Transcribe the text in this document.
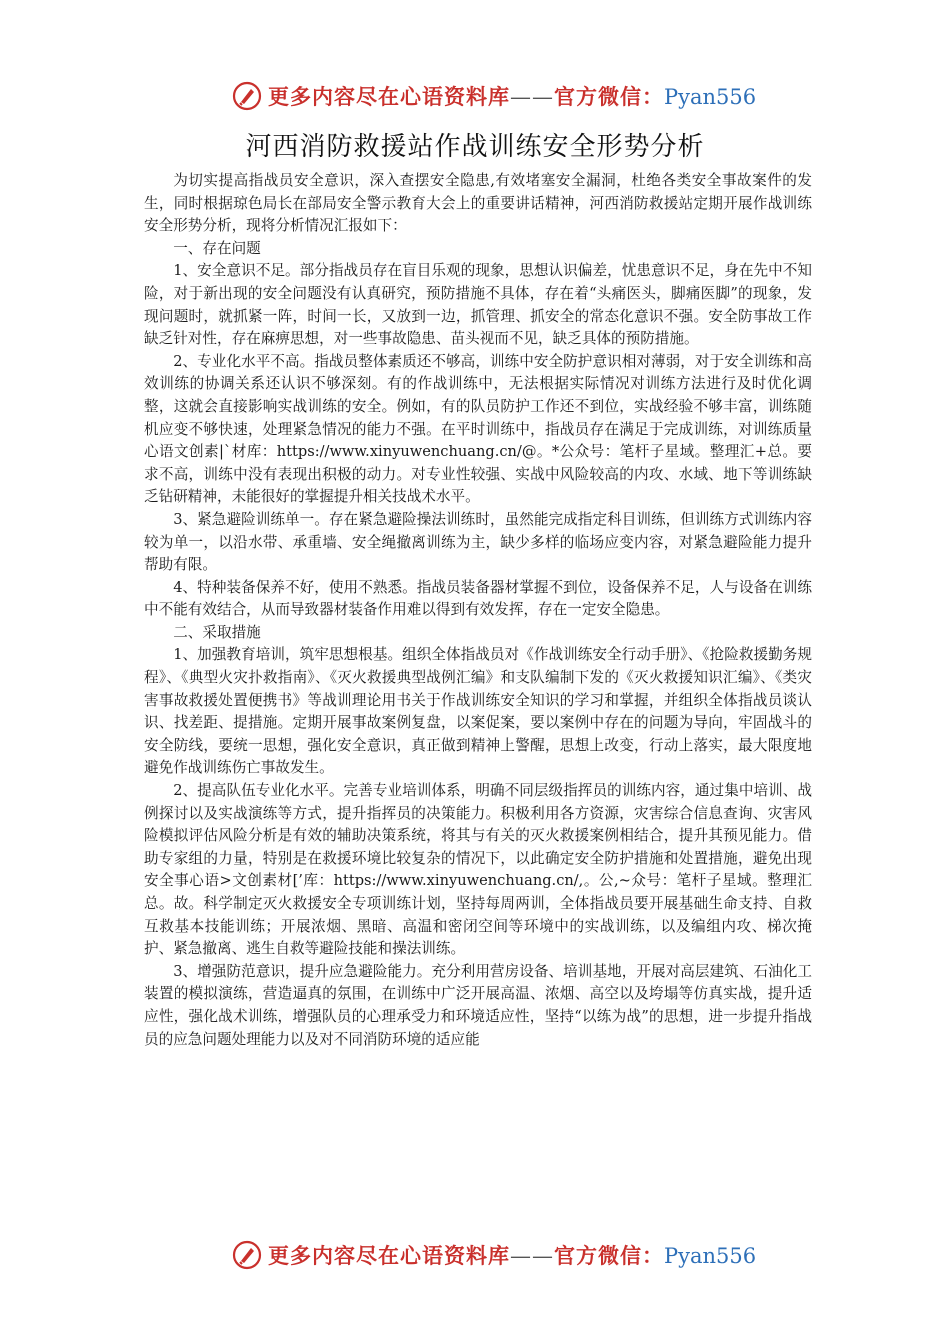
更多内容尽在心语资料库——官方微信：Pyan556
河西消防救援站作战训练安全形势分析

为切实提高指战员安全意识，深入查摆安全隐患,有效堵塞安全漏洞，杜绝各类安全事故案件的发生，同时根据琼色局长在部局安全警示教育大会上的重要讲话精神，河西消防救援站定期开展作战训练安全形势分析，现将分析情况汇报如下：

一、存在问题

1、安全意识不足。部分指战员存在盲目乐观的现象，思想认识偏差，忧患意识不足，身在先中不知险，对于新出现的安全问题没有认真研究，预防措施不具体，存在着“头痛医头，脚痛医脚”的现象，发现问题时，就抓紧一阵，时间一长，又放到一边，抓管理、抓安全的常态化意识不强。安全防事故工作缺乏针对性，存在麻痹思想，对一些事故隐患、苗头视而不见，缺乏具体的预防措施。

2、专业化水平不高。指战员整体素质还不够高，训练中安全防护意识相对薄弱，对于安全训练和高效训练的协调关系还认识不够深刻。有的作战训练中，无法根据实际情况对训练方法进行及时优化调整，这就会直接影响实战训练的安全。例如，有的队员防护工作还不到位，实战经验不够丰富，训练随机应变不够快速，处理紧急情况的能力不强。在平时训练中，指战员存在满足于完成训练，对训练质量心语文创素|`材库：https://www.xinyuwenchuang.cn/@。*公众号：笔杆子星域。整理汇+总。要求不高，训练中没有表现出积极的动力。对专业性较强、实战中风险较高的内攻、水域、地下等训练缺乏钻研精神，未能很好的掌握提升相关技战术水平。

3、紧急避险训练单一。存在紧急避险操法训练时，虽然能完成指定科目训练，但训练方式训练内容较为单一，以沿水带、承重墙、安全绳撤离训练为主，缺少多样的临场应变内容，对紧急避险能力提升帮助有限。

4、特种装备保养不好，使用不熟悉。指战员装备器材掌握不到位，设备保养不足，人与设备在训练中不能有效结合，从而导致器材装备作用难以得到有效发挥，存在一定安全隐患。

二、采取措施

1、加强教育培训，筑牢思想根基。组织全体指战员对《作战训练安全行动手册》、《抢险救援勤务规程》、《典型火灾扑救指南》、《灭火救援典型战例汇编》和支队编制下发的《灭火救援知识汇编》、《类灾害事故救援处置便携书》等战训理论用书关于作战训练安全知识的学习和掌握，并组织全体指战员谈认识、找差距、提措施。定期开展事故案例复盘，以案促案，要以案例中存在的问题为导向，牢固战斗的安全防线，要统一思想，强化安全意识，真正做到精神上警醒，思想上改变，行动上落实，最大限度地避免作战训练伤亡事故发生。

2、提高队伍专业化水平。完善专业培训体系，明确不同层级指挥员的训练内容，通过集中培训、战例探讨以及实战演练等方式，提升指挥员的决策能力。积极利用各方资源，灾害综合信息查询、灾害风险模拟评估风险分析是有效的辅助决策系统，将其与有关的灭火救援案例相结合，提升其预见能力。借助专家组的力量，特别是在救援环境比较复杂的情况下，以此确定安全防护措施和处置措施，避免出现安全事心语>文创素材[’库：https://www.xinyuwenchuang.cn/,。公,~众号：笔杆子星域。整理汇总。故。科学制定灭火救援安全专项训练计划，坚持每周两训，全体指战员要开展基础生命支持、自救互救基本技能训练；开展浓烟、黑暗、高温和密闭空间等环境中的实战训练，以及编组内攻、梯次掩护、紧急撤离、逃生自救等避险技能和操法训练。

3、增强防范意识，提升应急避险能力。充分利用营房设备、培训基地，开展对高层建筑、石油化工装置的模拟演练，营造逼真的氛围，在训练中广泛开展高温、浓烟、高空以及垮塌等仿真实战，提升适应性，强化战术训练，增强队员的心理承受力和环境适应性，坚持“以练为战”的思想，进一步提升指战员的应急问题处理能力以及对不同消防环境的适应能

更多内容尽在心语资料库——官方微信：Pyan556
